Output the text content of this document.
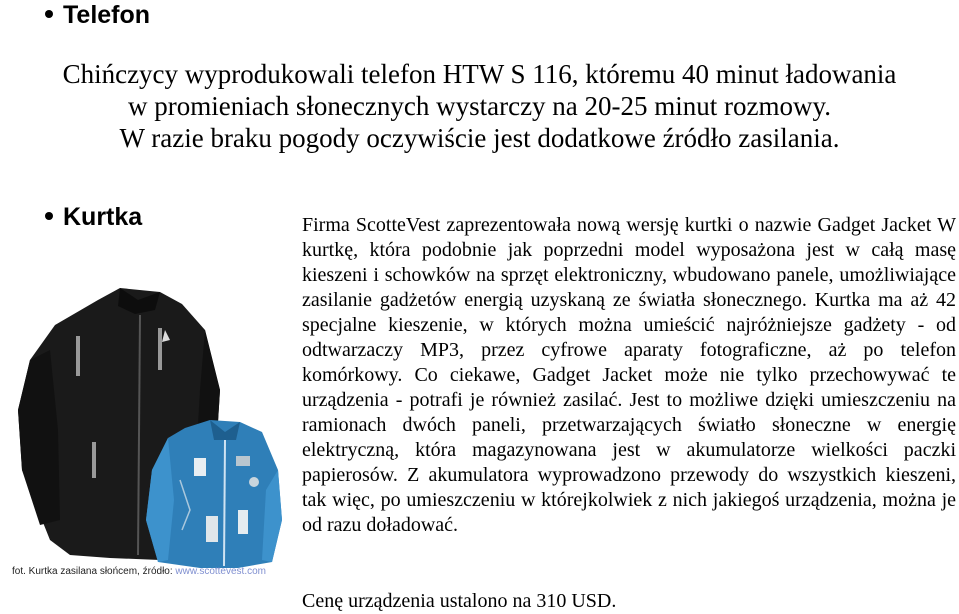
Telefon

Chińczycy wyprodukowali telefon HTW S 116, któremu 40 minut ładowania
w promieniach słonecznych wystarczy na 20-25 minut rozmowy.
W razie braku pogody oczywiście jest dodatkowe źródło zasilania.

Kurtka

fot. Kurtka zasilana słońcem, źródło: www.scottevest.com

Firma ScotteVest zaprezentowała nową wersję kurtki o nazwie Gadget Jacket W kurtkę, która podobnie jak poprzedni model wyposażona jest w całą masę kieszeni i schowków na sprzęt elektroniczny, wbudowano panele, umożliwiające zasilanie gadżetów energią uzyskaną ze światła słonecznego. Kurtka ma aż 42 specjalne kieszenie, w których można umieścić najróżniejsze gadżety - od odtwarzaczy MP3, przez cyfrowe aparaty fotograficzne, aż po telefon komórkowy. Co ciekawe, Gadget Jacket może nie tylko przechowywać te urządzenia - potrafi je również zasilać. Jest to możliwe dzięki umieszczeniu na ramionach dwóch paneli, przetwarzających światło słoneczne w energię elektryczną, która magazynowana jest w akumulatorze wielkości paczki papierosów. Z akumulatora wyprowadzono przewody do wszystkich kieszeni, tak więc, po umieszczeniu w którejkolwiek z nich jakiegoś urządzenia, można je od razu doładować.

Cenę urządzenia ustalono na 310 USD.
